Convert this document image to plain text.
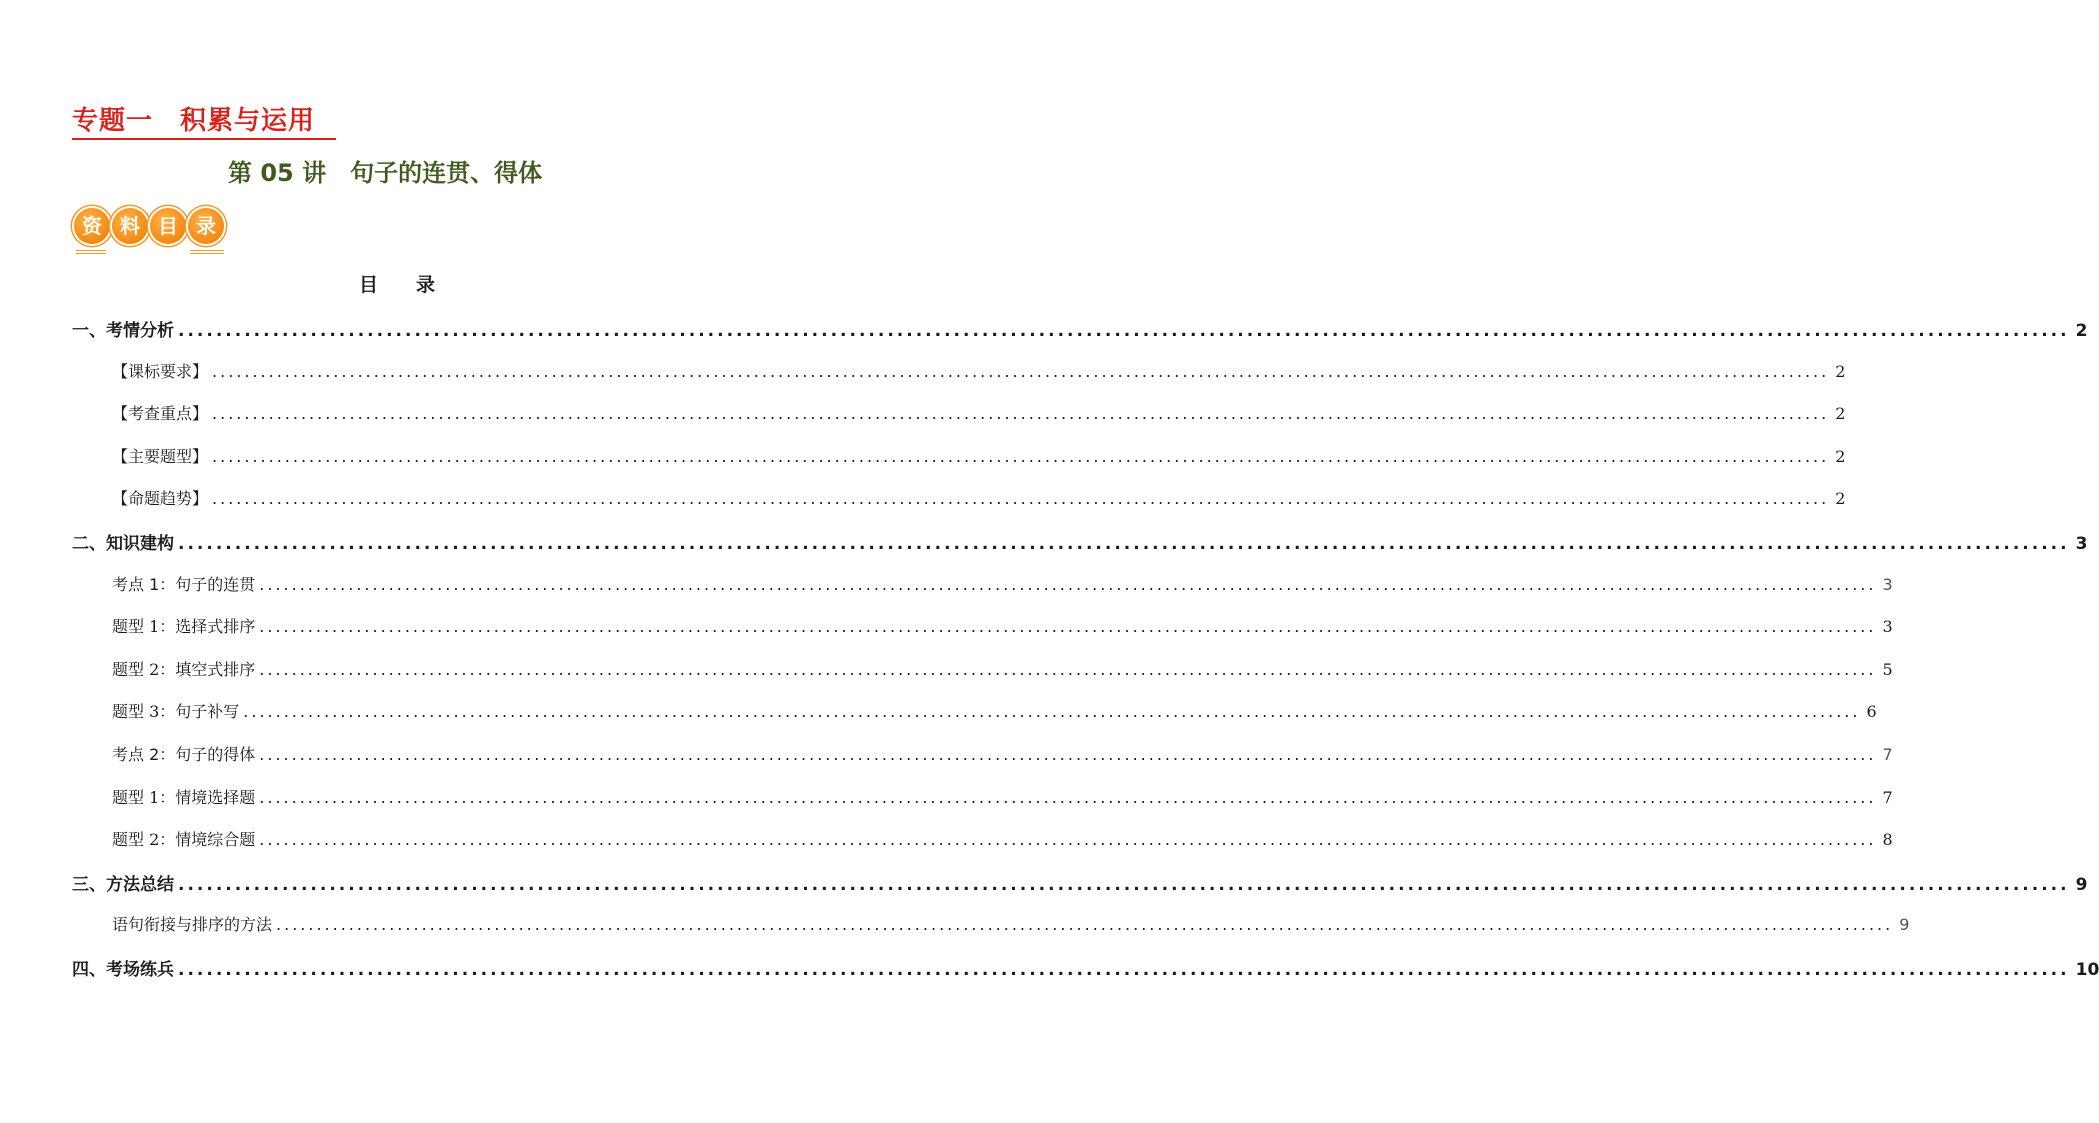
专题一　积累与运用
第 05 讲　句子的连贯、得体
资 料 目 录
目　　录
一、考情分析 ........................................................................................................................................................................................................ 2
【课标要求】 ........................................................................................................................................................................................................ 2
【考查重点】 ........................................................................................................................................................................................................ 2
【主要题型】 ........................................................................................................................................................................................................ 2
【命题趋势】 ........................................................................................................................................................................................................ 2
二、知识建构 ........................................................................................................................................................................................................ 3
考点 1：句子的连贯 ........................................................................................................................................................................................................ 3
题型 1：选择式排序 ........................................................................................................................................................................................................ 3
题型 2：填空式排序 ........................................................................................................................................................................................................ 5
题型 3：句子补写 ........................................................................................................................................................................................................ 6
考点 2：句子的得体 ........................................................................................................................................................................................................ 7
题型 1：情境选择题 ........................................................................................................................................................................................................ 7
题型 2：情境综合题 ........................................................................................................................................................................................................ 8
三、方法总结 ........................................................................................................................................................................................................ 9
语句衔接与排序的方法 ........................................................................................................................................................................................................ 9
四、考场练兵 ........................................................................................................................................................................................................ 10
